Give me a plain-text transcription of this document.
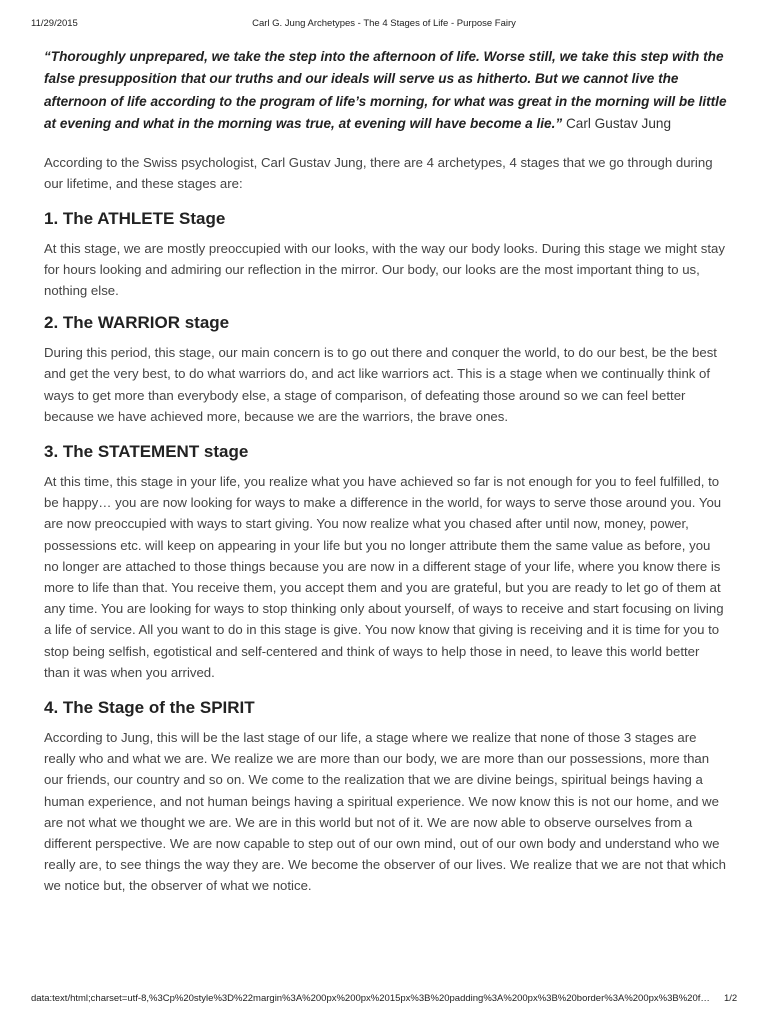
11/29/2015	Carl G. Jung Archetypes - The 4 Stages of Life - Purpose Fairy

“Thoroughly unprepared, we take the step into the afternoon of life. Worse still, we take this step with the false presupposition that our truths and our ideals will serve us as hitherto. But we cannot live the afternoon of life according to the program of life’s morning, for what was great in the morning will be little at evening and what in the morning was true, at evening will have become a lie.” Carl Gustav Jung

According to the Swiss psychologist, Carl Gustav Jung, there are 4 archetypes, 4 stages that we go through during our lifetime, and these stages are:

1. The ATHLETE Stage

At this stage, we are mostly preoccupied with our looks, with the way our body looks. During this stage we might stay for hours looking and admiring our reflection in the mirror. Our body, our looks are the most important thing to us, nothing else.

2. The WARRIOR stage

During this period, this stage, our main concern is to go out there and conquer the world, to do our best, be the best and get the very best, to do what warriors do, and act like warriors act. This is a stage when we continually think of ways to get more than everybody else, a stage of comparison, of defeating those around so we can feel better because we have achieved more, because we are the warriors, the brave ones.

3. The STATEMENT stage

At this time, this stage in your life, you realize what you have achieved so far is not enough for you to feel fulfilled, to be happy… you are now looking for ways to make a difference in the world, for ways to serve those around you. You are now preoccupied with ways to start giving. You now realize what you chased after until now, money, power, possessions etc. will keep on appearing in your life but you no longer attribute them the same value as before, you no longer are attached to those things because you are now in a different stage of your life, where you know there is more to life than that. You receive them, you accept them and you are grateful, but you are ready to let go of them at any time. You are looking for ways to stop thinking only about yourself, of ways to receive and start focusing on living a life of service. All you want to do in this stage is give. You now know that giving is receiving and it is time for you to stop being selfish, egotistical and self-centered and think of ways to help those in need, to leave this world better than it was when you arrived.

4. The Stage of the SPIRIT

According to Jung, this will be the last stage of our life, a stage where we realize that none of those 3 stages are really who and what we are. We realize we are more than our body, we are more than our possessions, more than our friends, our country and so on. We come to the realization that we are divine beings, spiritual beings having a human experience, and not human beings having a spiritual experience. We now know this is not our home, and we are not what we thought we are. We are in this world but not of it. We are now able to observe ourselves from a different perspective. We are now capable to step out of our own mind, out of our own body and understand who we really are, to see things the way they are. We become the observer of our lives. We realize that we are not that which we notice but, the observer of what we notice.

data:text/html;charset=utf-8,%3Cp%20style%3D%22margin%3A%200px%200px%2015px%3B%20padding%3A%200px%3B%20border%3A%200px%3B%20f… 1/2
